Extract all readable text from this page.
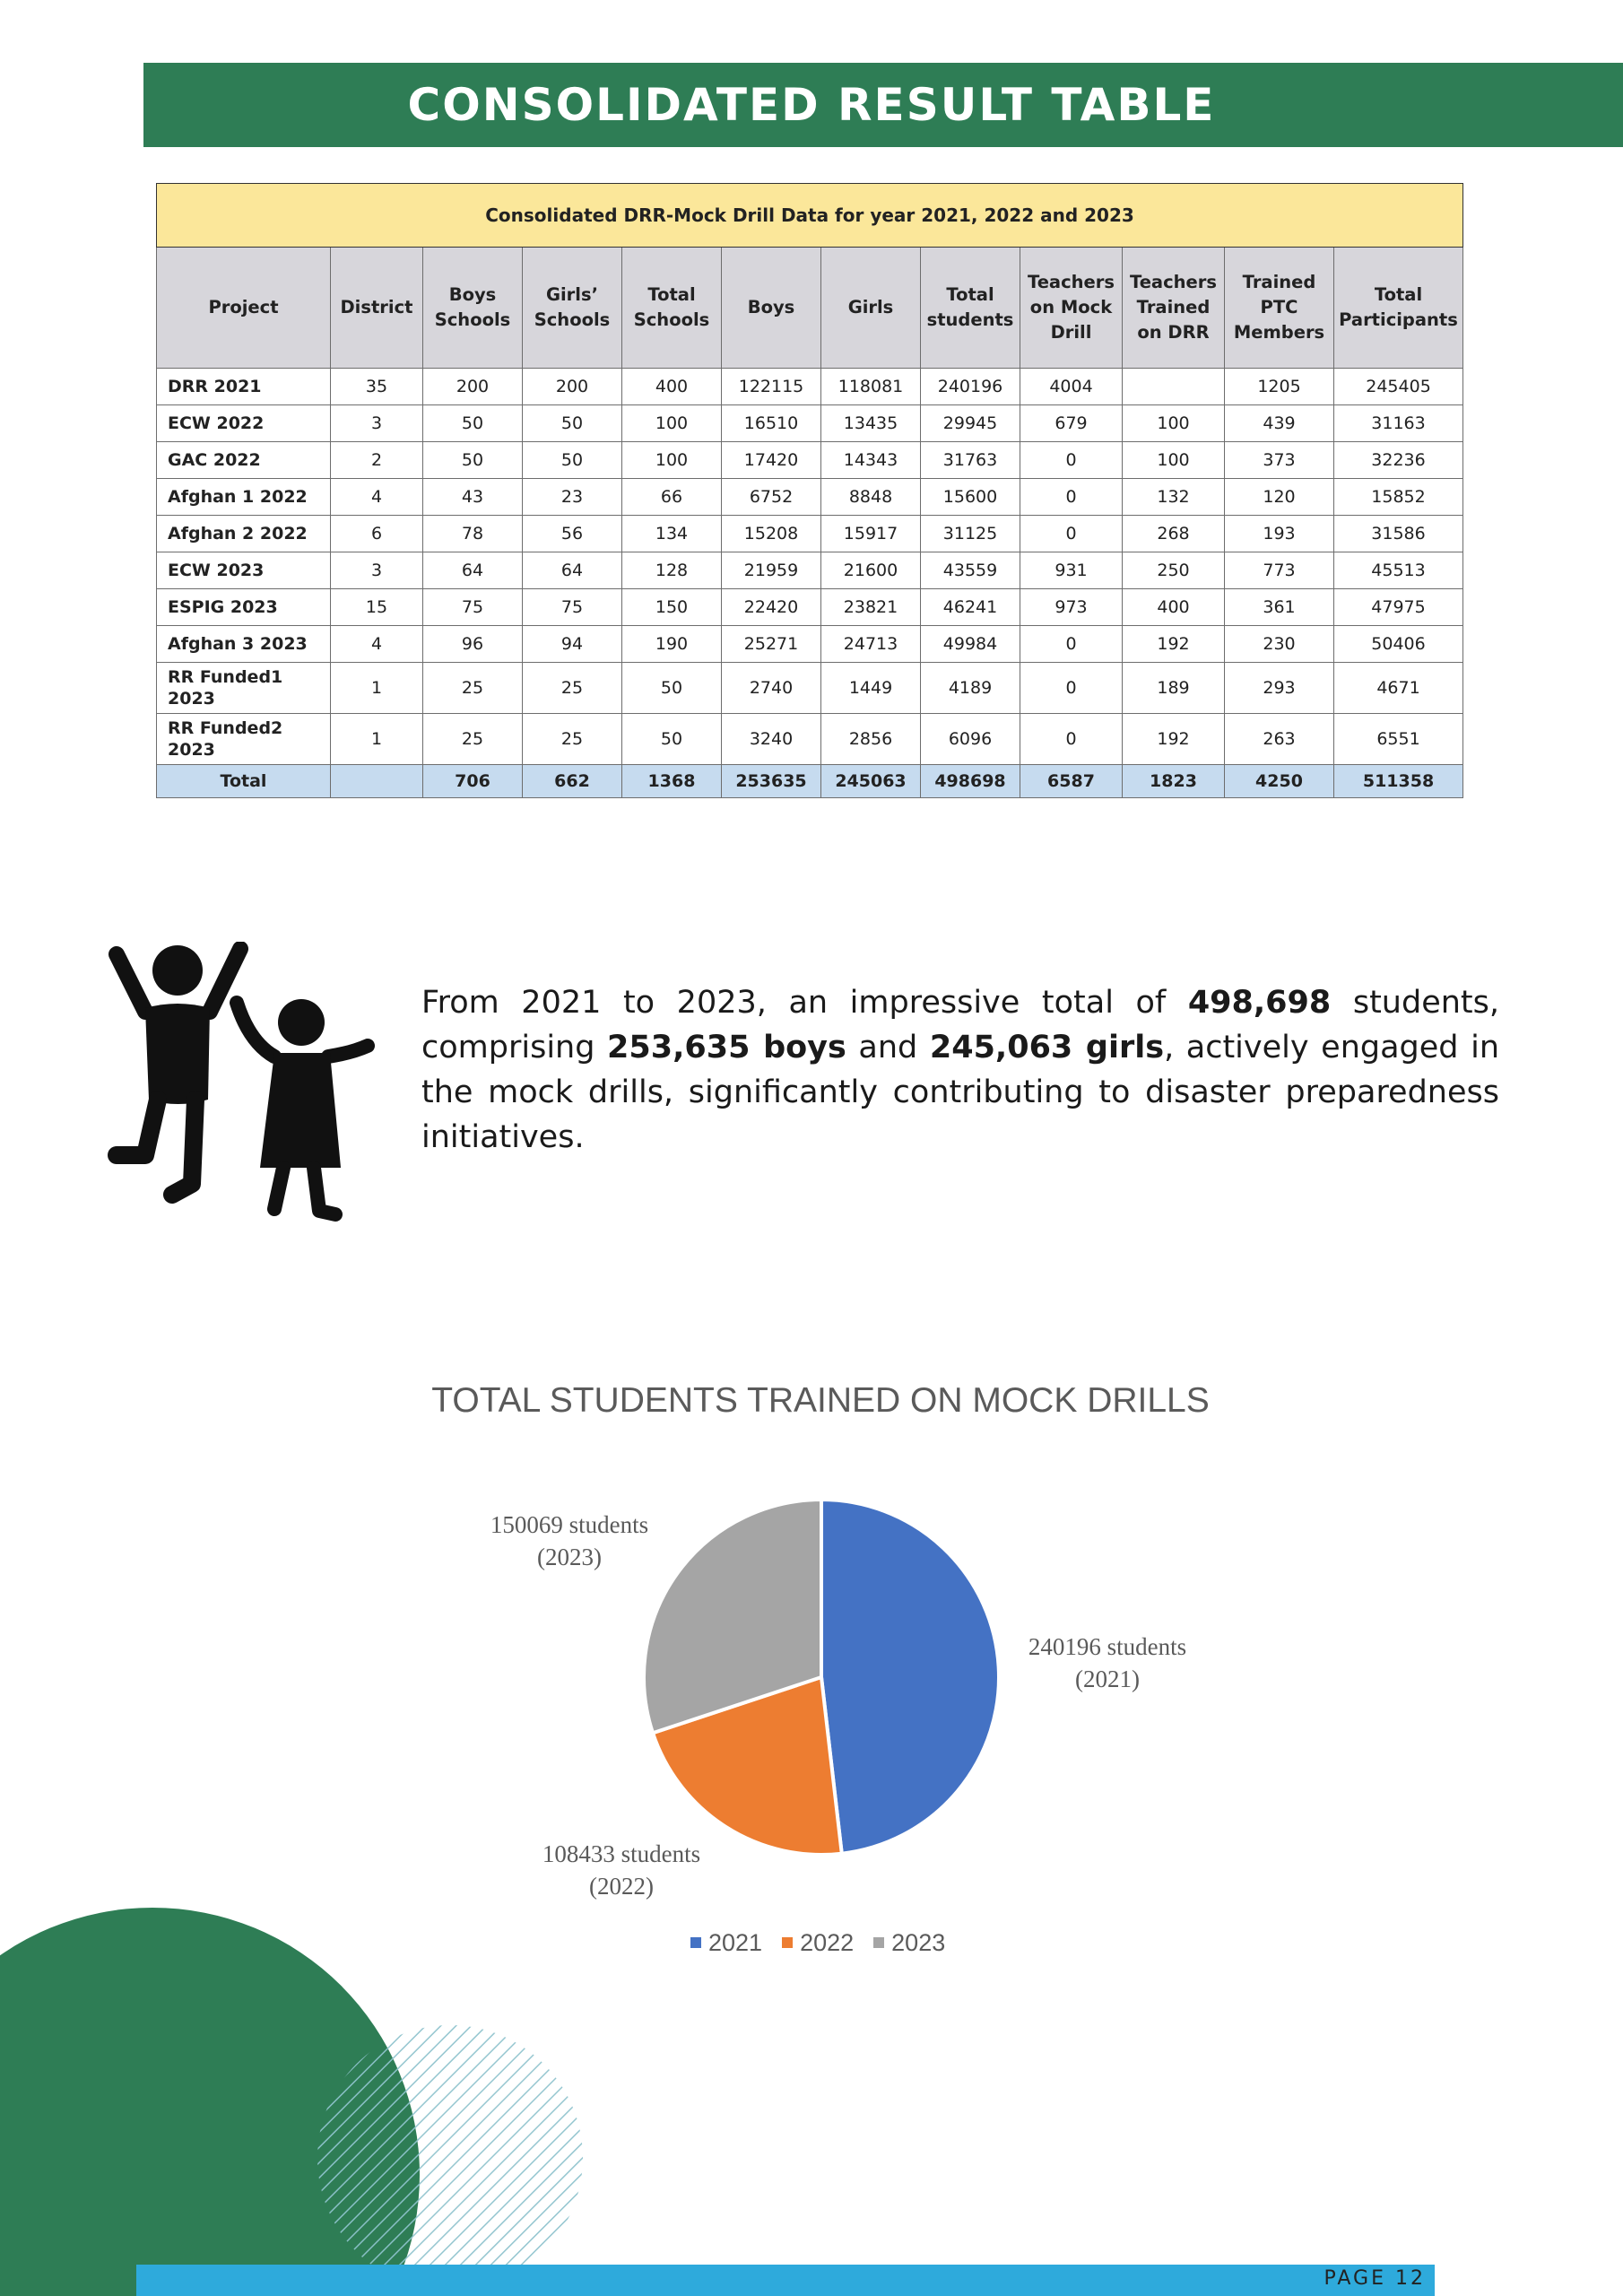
CONSOLIDATED RESULT TABLE
Consolidated DRR-Mock Drill Data for year 2021, 2022 and 2023											
Project	District	Boys Schools	Girls’ Schools	Total Schools	Boys	Girls	Total students	Teachers on Mock Drill	Teachers Trained on DRR	Trained PTC Members	Total Participants
DRR 2021	35	200	200	400	122115	118081	240196	4004		1205	245405
ECW 2022	3	50	50	100	16510	13435	29945	679	100	439	31163
GAC 2022	2	50	50	100	17420	14343	31763	0	100	373	32236
Afghan 1 2022	4	43	23	66	6752	8848	15600	0	132	120	15852
Afghan 2 2022	6	78	56	134	15208	15917	31125	0	268	193	31586
ECW 2023	3	64	64	128	21959	21600	43559	931	250	773	45513
ESPIG 2023	15	75	75	150	22420	23821	46241	973	400	361	47975
Afghan 3 2023	4	96	94	190	25271	24713	49984	0	192	230	50406
RR Funded1 2023	1	25	25	50	2740	1449	4189	0	189	293	4671
RR Funded2 2023	1	25	25	50	3240	2856	6096	0	192	263	6551
Total		706	662	1368	253635	245063	498698	6587	1823	4250	511358
From 2021 to 2023, an impressive total of 498,698 students, comprising 253,635 boys and 245,063 girls, actively engaged in the mock drills, significantly contributing to disaster preparedness initiatives.
TOTAL STUDENTS TRAINED ON MOCK DRILLS
240196 students
(2021)
108433 students
(2022)
150069 students
(2023)
2021 2022 2023
PAGE 12
